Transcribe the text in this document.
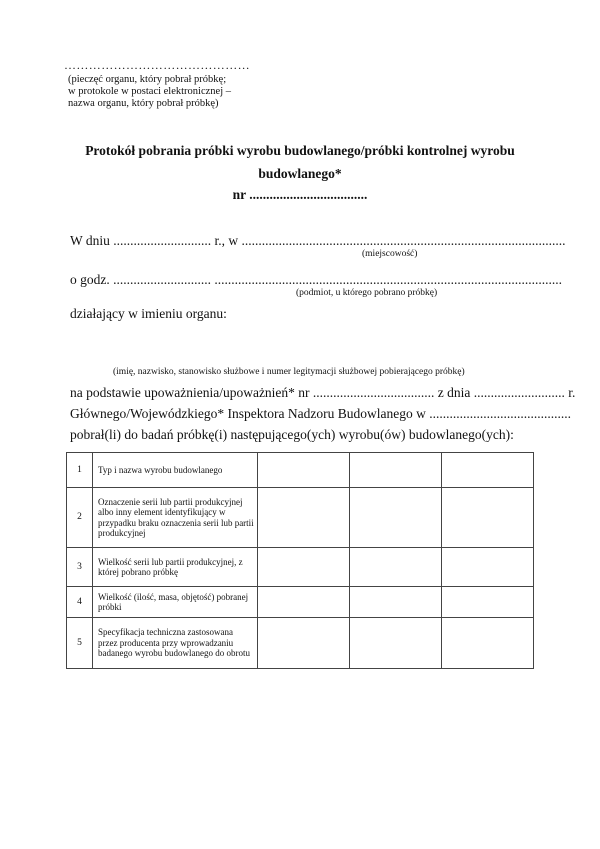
………………………………………
(pieczęć organu, który pobrał próbkę;
w protokole w postaci elektronicznej –
nazwa organu, który pobrał próbkę)
Protokół pobrania próbki wyrobu budowlanego/próbki kontrolnej wyrobu
budowlanego*
nr ...................................
W dniu ............................. r., w ................................................................................................
(miejscowość)
o godz. ............................. .......................................................................................................
(podmiot, u którego pobrano próbkę)
działający w imieniu organu:
(imię, nazwisko, stanowisko służbowe i numer legitymacji służbowej pobierającego próbkę)
na podstawie upoważnienia/upoważnień* nr .................................... z dnia ........................... r.
Głównego/Wojewódzkiego* Inspektora Nadzoru Budowlanego w ..........................................
pobrał(li) do badań próbkę(i) następującego(ych) wyrobu(ów) budowlanego(ych):
1	Typ i nazwa wyrobu budowlanego			
2	Oznaczenie serii lub partii produkcyjnej albo inny element identyfikujący w przypadku braku oznaczenia serii lub partii produkcyjnej			
3	Wielkość serii lub partii produkcyjnej, z której pobrano próbkę			
4	Wielkość (ilość, masa, objętość) pobranej próbki			
5	Specyfikacja techniczna zastosowana przez producenta przy wprowadzaniu badanego wyrobu budowlanego do obrotu			
